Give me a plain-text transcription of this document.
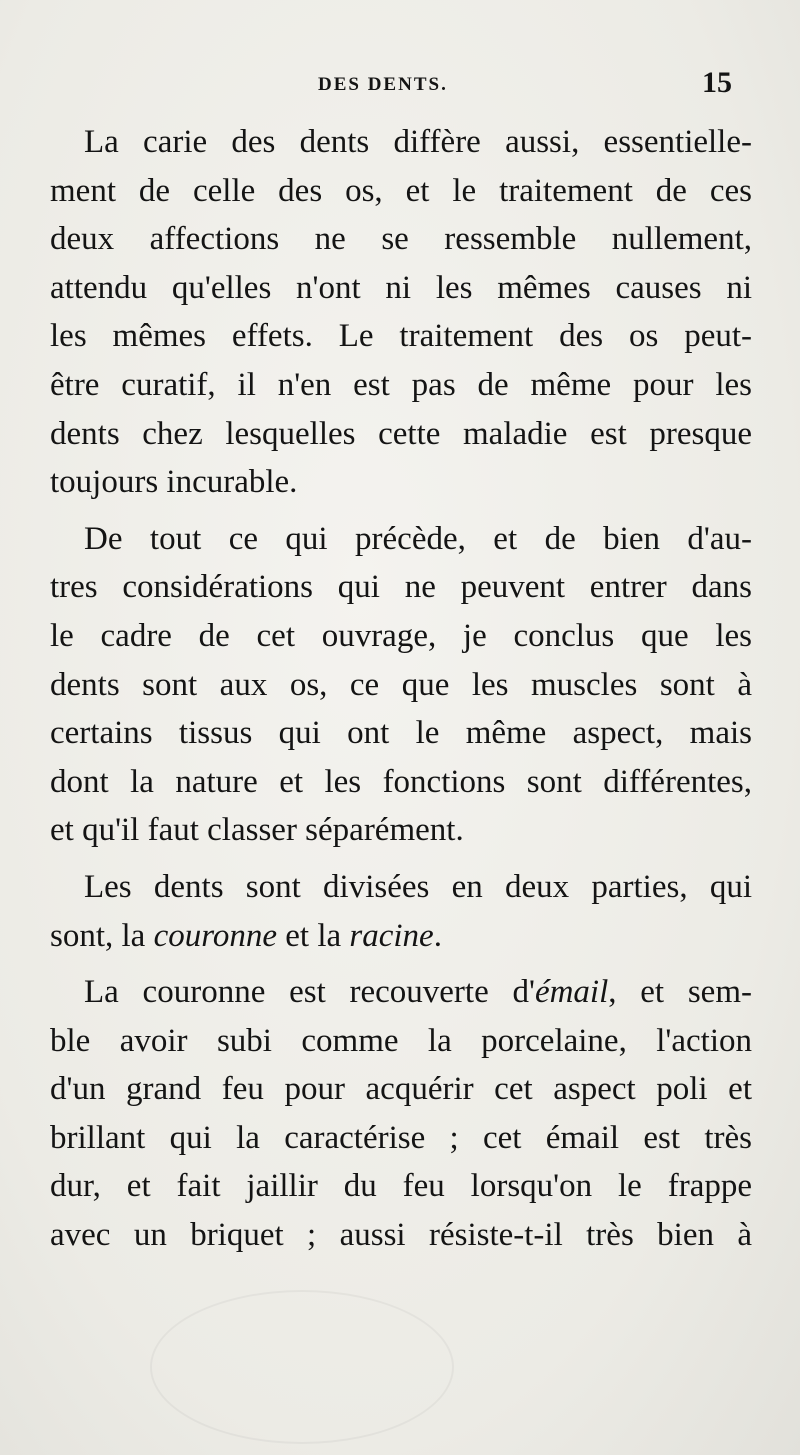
DES DENTS.	15
La carie des dents diffère aussi, essentielle-
ment de celle des os, et le traitement de ces
deux affections ne se ressemble nullement,
attendu qu'elles n'ont ni les mêmes causes ni
les mêmes effets. Le traitement des os peut-
être curatif, il n'en est pas de même pour les
dents chez lesquelles cette maladie est presque
toujours incurable.
De tout ce qui précède, et de bien d'au-
tres considérations qui ne peuvent entrer dans
le cadre de cet ouvrage, je conclus que les
dents sont aux os, ce que les muscles sont à
certains tissus qui ont le même aspect, mais
dont la nature et les fonctions sont différentes,
et qu'il faut classer séparément.
Les dents sont divisées en deux parties, qui
sont, la couronne et la racine.
La couronne est recouverte d'émail, et sem-
ble avoir subi comme la porcelaine, l'action
d'un grand feu pour acquérir cet aspect poli et
brillant qui la caractérise ; cet émail est très
dur, et fait jaillir du feu lorsqu'on le frappe
avec un briquet ; aussi résiste-t-il très bien à
